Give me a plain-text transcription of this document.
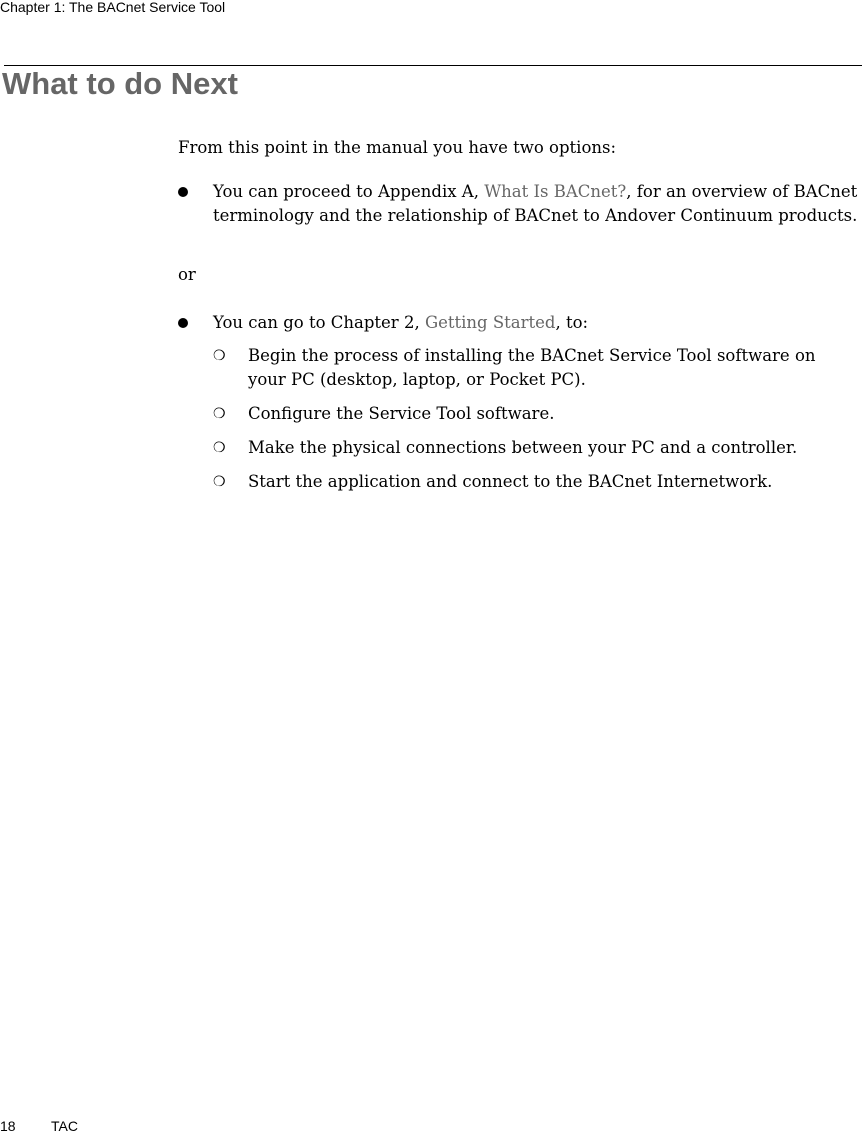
Chapter 1: The BACnet Service Tool
What to do Next

From this point in the manual you have two options:

You can proceed to Appendix A, What Is BACnet?, for an overview of BACnet terminology and the relationship of BACnet to Andover Continuum products.

or

You can go to Chapter 2, Getting Started, to:
❍ Begin the process of installing the BACnet Service Tool software on your PC (desktop, laptop, or Pocket PC).
❍ Configure the Service Tool software.
❍ Make the physical connections between your PC and a controller.
❍ Start the application and connect to the BACnet Internetwork.
18	TAC
